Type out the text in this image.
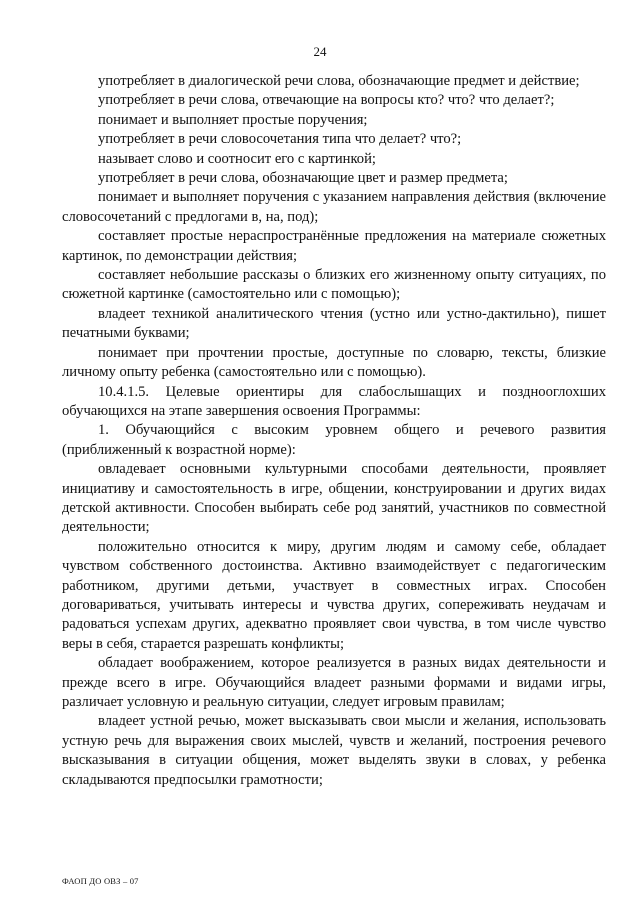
24

употребляет в диалогической речи слова, обозначающие предмет и действие;

употребляет в речи слова, отвечающие на вопросы кто? что? что делает?;

понимает и выполняет простые поручения;

употребляет в речи словосочетания типа что делает? что?;

называет слово и соотносит его с картинкой;

употребляет в речи слова, обозначающие цвет и размер предмета;

понимает и выполняет поручения с указанием направления действия (включение словосочетаний с предлогами в, на, под);

составляет простые нераспространённые предложения на материале сюжетных картинок, по демонстрации действия;

составляет небольшие рассказы о близких его жизненному опыту ситуациях, по сюжетной картинке (самостоятельно или с помощью);

владеет техникой аналитического чтения (устно или устно-дактильно), пишет печатными буквами;

понимает при прочтении простые, доступные по словарю, тексты, близкие личному опыту ребенка (самостоятельно или с помощью).

10.4.1.5. Целевые ориентиры для слабослышащих и позднооглохших обучающихся на этапе завершения освоения Программы:

1. Обучающийся с высоким уровнем общего и речевого развития (приближенный к возрастной норме):

овладевает основными культурными способами деятельности, проявляет инициативу и самостоятельность в игре, общении, конструировании и других видах детской активности. Способен выбирать себе род занятий, участников по совместной деятельности;

положительно относится к миру, другим людям и самому себе, обладает чувством собственного достоинства. Активно взаимодействует с педагогическим работником, другими детьми, участвует в совместных играх. Способен договариваться, учитывать интересы и чувства других, сопереживать неудачам и радоваться успехам других, адекватно проявляет свои чувства, в том числе чувство веры в себя, старается разрешать конфликты;

обладает воображением, которое реализуется в разных видах деятельности и прежде всего в игре. Обучающийся владеет разными формами и видами игры, различает условную и реальную ситуации, следует игровым правилам;

владеет устной речью, может высказывать свои мысли и желания, использовать устную речь для выражения своих мыслей, чувств и желаний, построения речевого высказывания в ситуации общения, может выделять звуки в словах, у ребенка складываются предпосылки грамотности;

ФАОП ДО ОВЗ – 07
